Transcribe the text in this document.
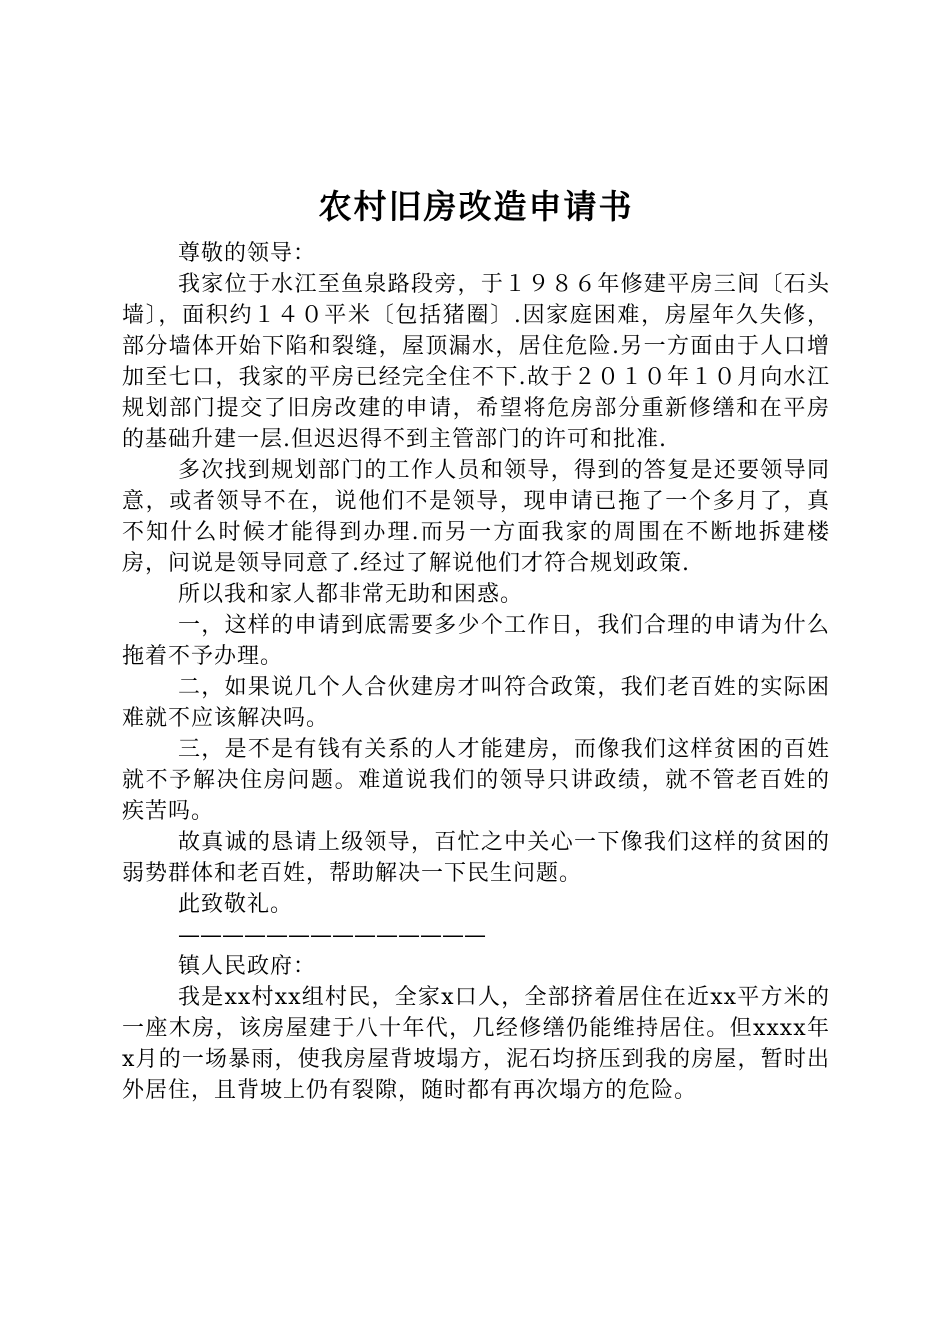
农村旧房改造申请书

尊敬的领导：

我家位于水江至鱼泉路段旁，于１９８６年修建平房三间〔石头墙〕，面积约１４０平米〔包括猪圈〕.因家庭困难，房屋年久失修，部分墙体开始下陷和裂缝，屋顶漏水，居住危险.另一方面由于人口增加至七口，我家的平房已经完全住不下.故于２０１０年１０月向水江规划部门提交了旧房改建的申请，希望将危房部分重新修缮和在平房的基础升建一层.但迟迟得不到主管部门的许可和批准.

多次找到规划部门的工作人员和领导，得到的答复是还要领导同意，或者领导不在，说他们不是领导，现申请已拖了一个多月了，真不知什么时候才能得到办理.而另一方面我家的周围在不断地拆建楼房，问说是领导同意了.经过了解说他们才符合规划政策.

所以我和家人都非常无助和困惑。

一，这样的申请到底需要多少个工作日，我们合理的申请为什么拖着不予办理。

二，如果说几个人合伙建房才叫符合政策，我们老百姓的实际困难就不应该解决吗。

三，是不是有钱有关系的人才能建房，而像我们这样贫困的百姓就不予解决住房问题。难道说我们的领导只讲政绩，就不管老百姓的疾苦吗。

故真诚的恳请上级领导，百忙之中关心一下像我们这样的贫困的弱势群体和老百姓，帮助解决一下民生问题。

此致敬礼。

——————————————

镇人民政府：

我是xx村xx组村民，全家x口人，全部挤着居住在近xx平方米的一座木房，该房屋建于八十年代，几经修缮仍能维持居住。但xxxx年x月的一场暴雨，使我房屋背坡塌方，泥石均挤压到我的房屋，暂时出外居住，且背坡上仍有裂隙，随时都有再次塌方的危险。
